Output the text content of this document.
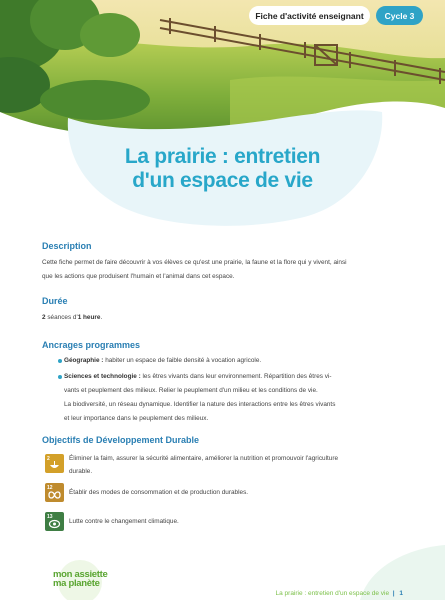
Fiche d'activité enseignant	Cycle 3
La prairie : entretien
d'un espace de vie
Description
Cette fiche permet de faire découvrir à vos élèves ce qu'est une prairie, la faune et la flore qui y vivent, ainsi
que les actions que produisent l'humain et l'animal dans cet espace.
Durée
2 séances d'1 heure.
Ancrages programmes
Géographie : habiter un espace de faible densité à vocation agricole.
Sciences et technologie : les êtres vivants dans leur environnement. Répartition des êtres vi-
vants et peuplement des milieux. Relier le peuplement d'un milieu et les conditions de vie.
La biodiversité, un réseau dynamique. Identifier la nature des interactions entre les êtres vivants
et leur importance dans le peuplement des milieux.
Objectifs de Développement Durable
2	Éliminer la faim, assurer la sécurité alimentaire, améliorer la nutrition et promouvoir l'agriculture
durable.
12
Établir des modes de consommation et de production durables.
13
Lutte contre le changement climatique.
mon assiette
ma planète
La prairie : entretien d'un espace de vie  | 1
